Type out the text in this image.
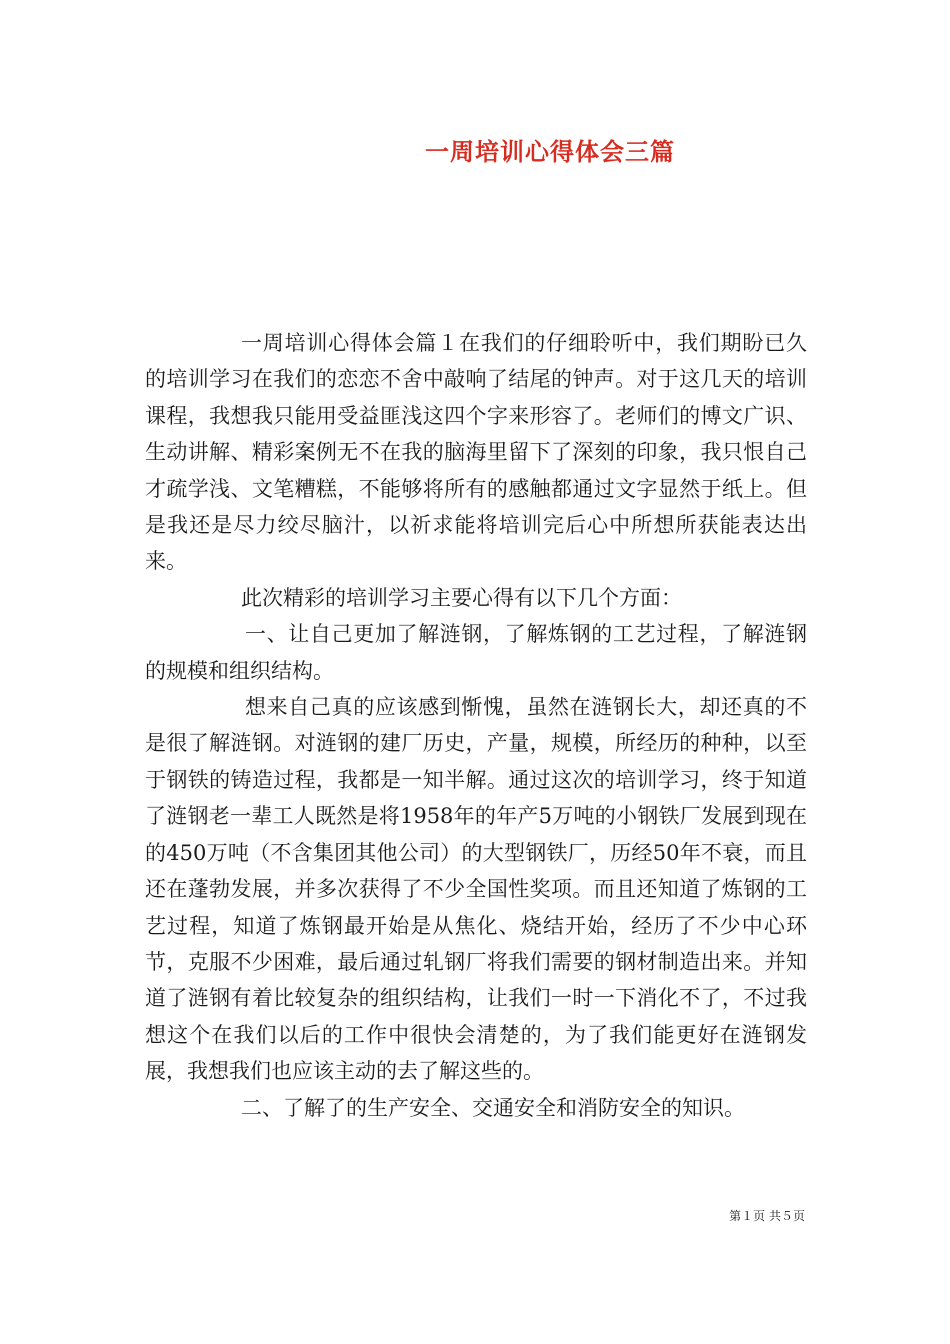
一周培训心得体会三篇

一周培训心得体会篇１在我们的仔细聆听中，我们期盼已久的培训学习在我们的恋恋不舍中敲响了结尾的钟声。对于这几天的培训课程，我想我只能用受益匪浅这四个字来形容了。老师们的博文广识、生动讲解、精彩案例无不在我的脑海里留下了深刻的印象，我只恨自己才疏学浅、文笔糟糕，不能够将所有的感触都通过文字显然于纸上。但是我还是尽力绞尽脑汁，以祈求能将培训完后心中所想所获能表达出来。

此次精彩的培训学习主要心得有以下几个方面：

一、让自己更加了解涟钢，了解炼钢的工艺过程，了解涟钢的规模和组织结构。

想来自己真的应该感到惭愧，虽然在涟钢长大，却还真的不是很了解涟钢。对涟钢的建厂历史，产量，规模，所经历的种种，以至于钢铁的铸造过程，我都是一知半解。通过这次的培训学习，终于知道了涟钢老一辈工人既然是将1958年的年产5万吨的小钢铁厂发展到现在的450万吨（不含集团其他公司）的大型钢铁厂，历经50年不衰，而且还在蓬勃发展，并多次获得了不少全国性奖项。而且还知道了炼钢的工艺过程，知道了炼钢最开始是从焦化、烧结开始，经历了不少中心环节，克服不少困难，最后通过轧钢厂将我们需要的钢材制造出来。并知道了涟钢有着比较复杂的组织结构，让我们一时一下消化不了，不过我想这个在我们以后的工作中很快会清楚的，为了我们能更好在涟钢发展，我想我们也应该主动的去了解这些的。

二、了解了的生产安全、交通安全和消防安全的知识。

第１页 共５页
